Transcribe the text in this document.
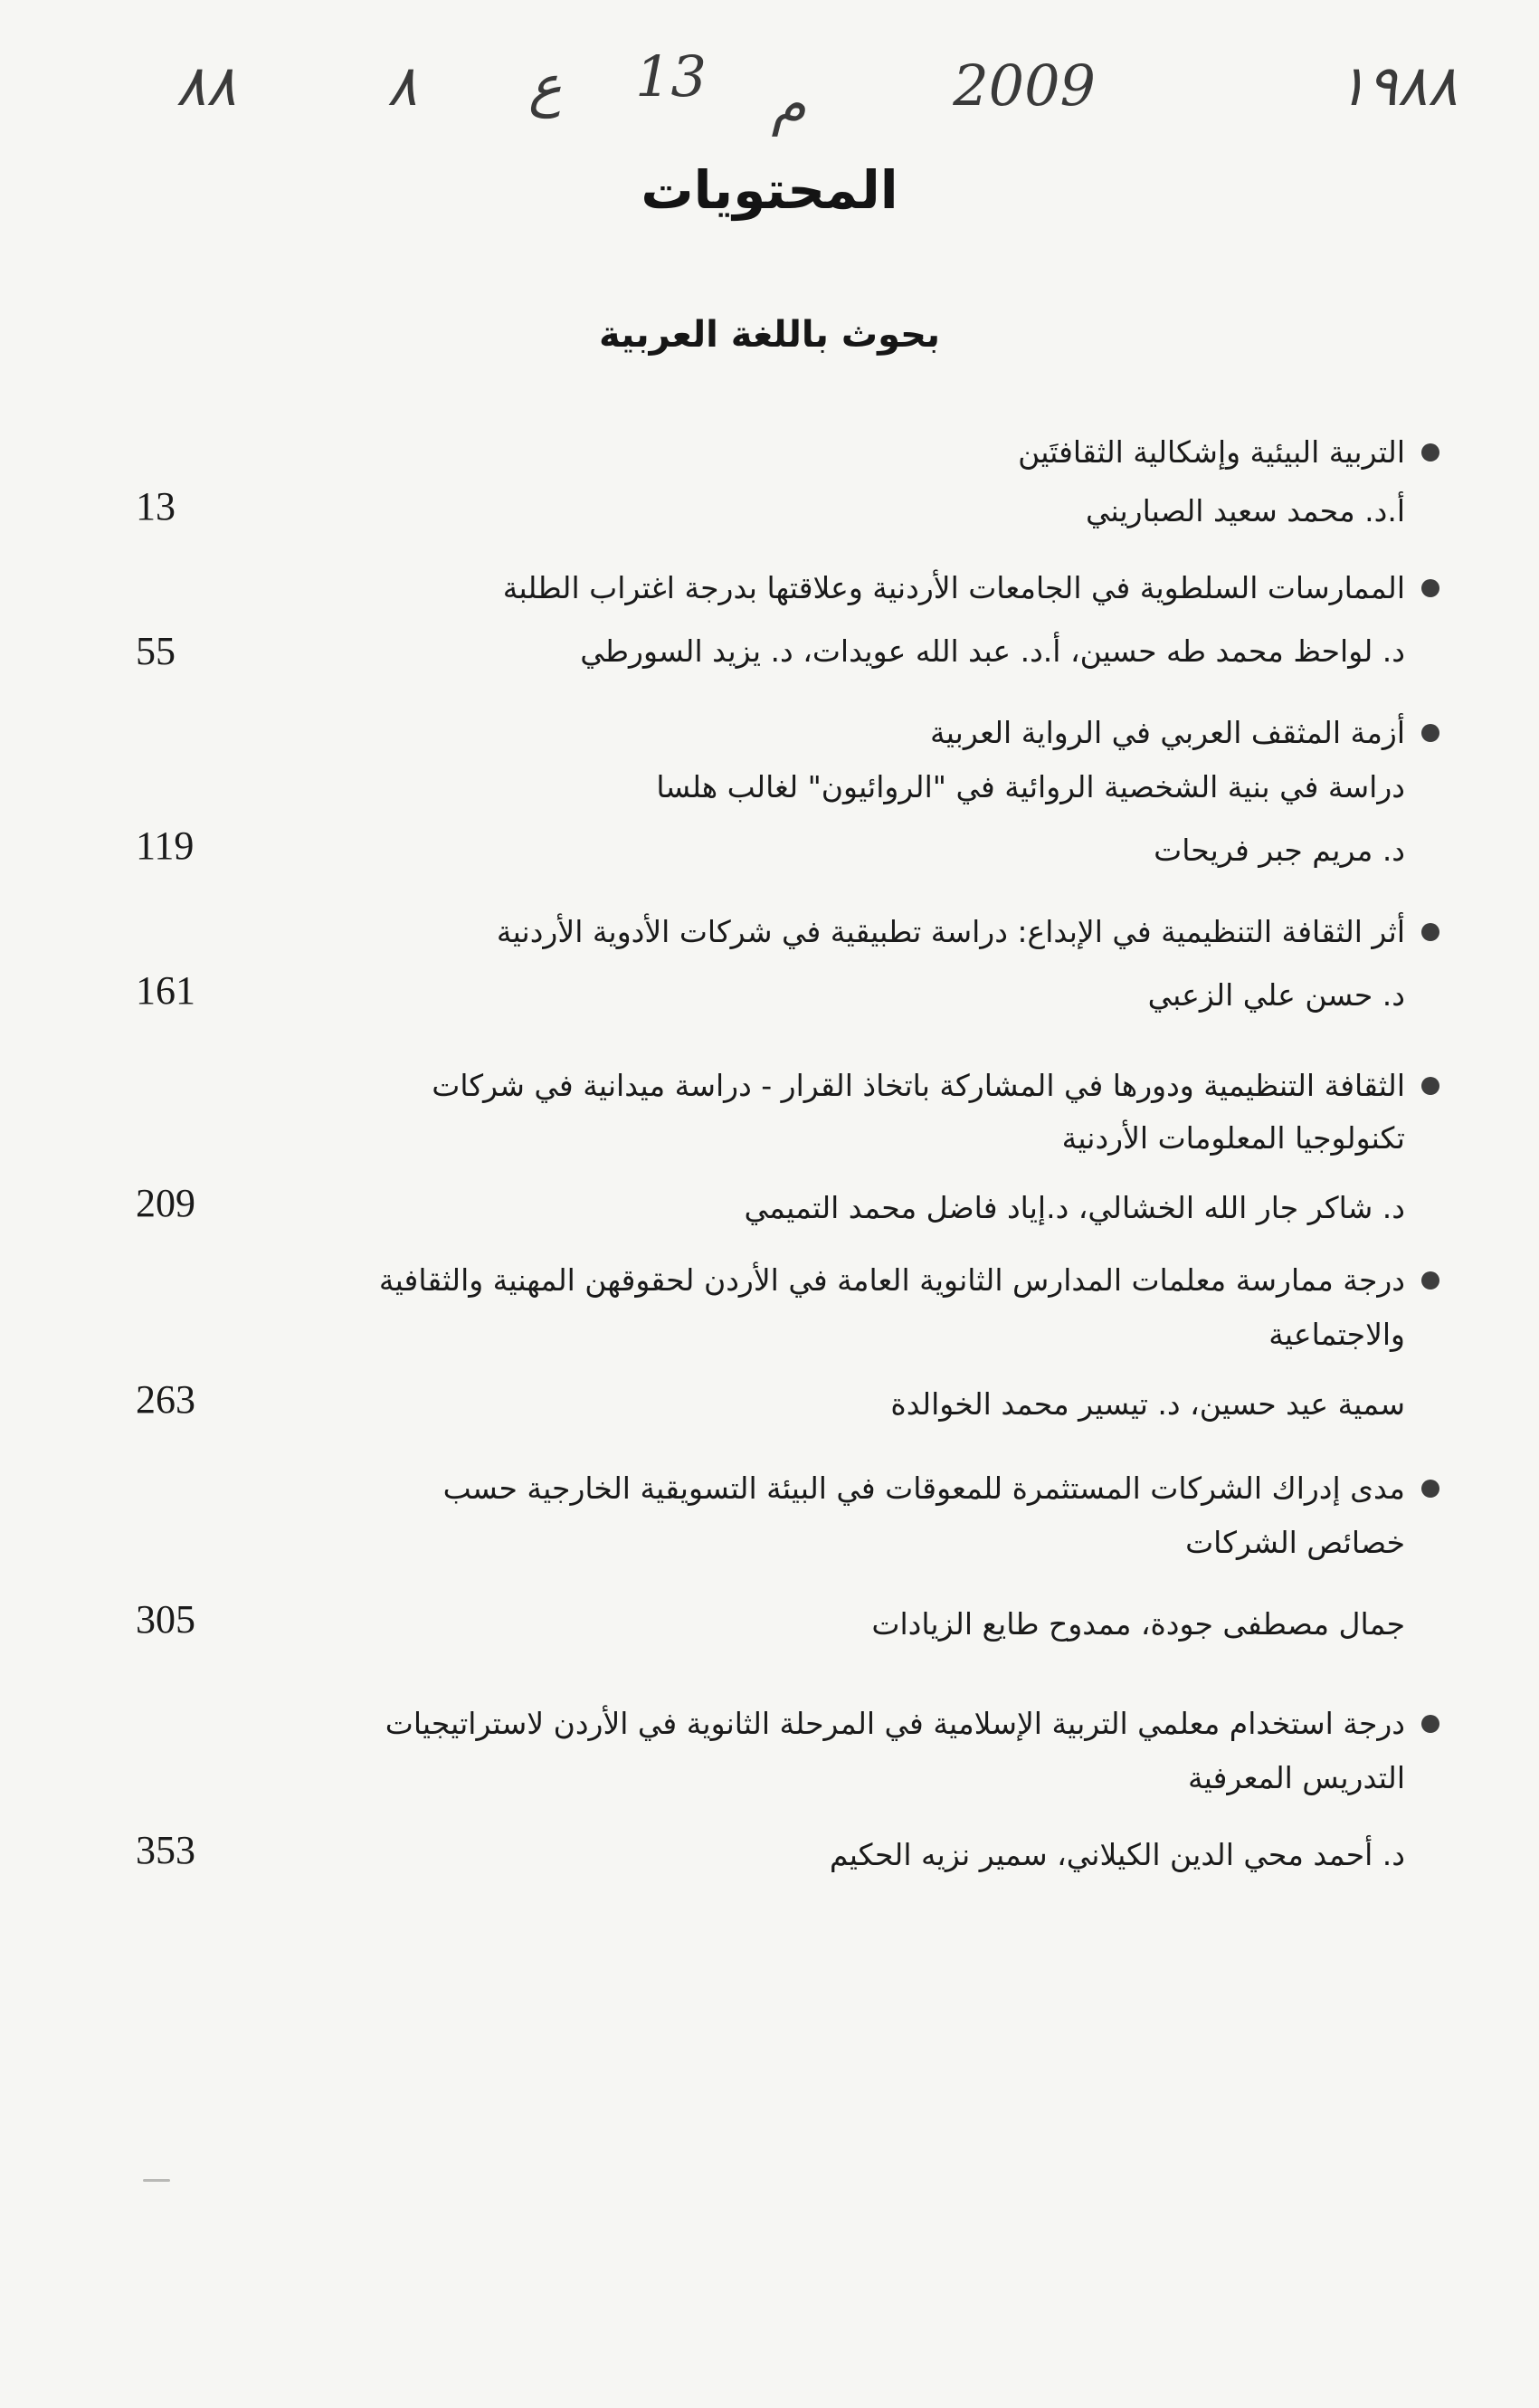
١٩٨٨
2009
م
13
ع
٨
٨٨
المحتويات
بحوث باللغة العربية
التربية البيئية وإشكالية الثقافتَين
أ.د. محمد سعيد الصباريني
13
الممارسات السلطوية في الجامعات الأردنية وعلاقتها بدرجة اغتراب الطلبة
د. لواحظ محمد طه حسين، أ.د. عبد الله عويدات، د. يزيد السورطي
55
أزمة المثقف العربي في الرواية العربية
دراسة في بنية الشخصية الروائية في "الروائيون" لغالب هلسا
د. مريم جبر فريحات
119
أثر الثقافة التنظيمية في الإبداع: دراسة تطبيقية في شركات الأدوية الأردنية
د. حسن علي الزعبي
161
الثقافة التنظيمية ودورها في المشاركة باتخاذ القرار - دراسة ميدانية في شركات
تكنولوجيا المعلومات الأردنية
د. شاكر جار الله الخشالي، د.إياد فاضل محمد التميمي
209
درجة ممارسة معلمات المدارس الثانوية العامة في الأردن لحقوقهن المهنية والثقافية
والاجتماعية
سمية عيد حسين، د. تيسير محمد الخوالدة
263
مدى إدراك الشركات المستثمرة للمعوقات في البيئة التسويقية الخارجية حسب
خصائص الشركات
جمال مصطفى جودة، ممدوح طايع الزيادات
305
درجة استخدام معلمي التربية الإسلامية في المرحلة الثانوية في الأردن لاستراتيجيات
التدريس المعرفية
د. أحمد محي الدين الكيلاني، سمير نزيه الحكيم
353
